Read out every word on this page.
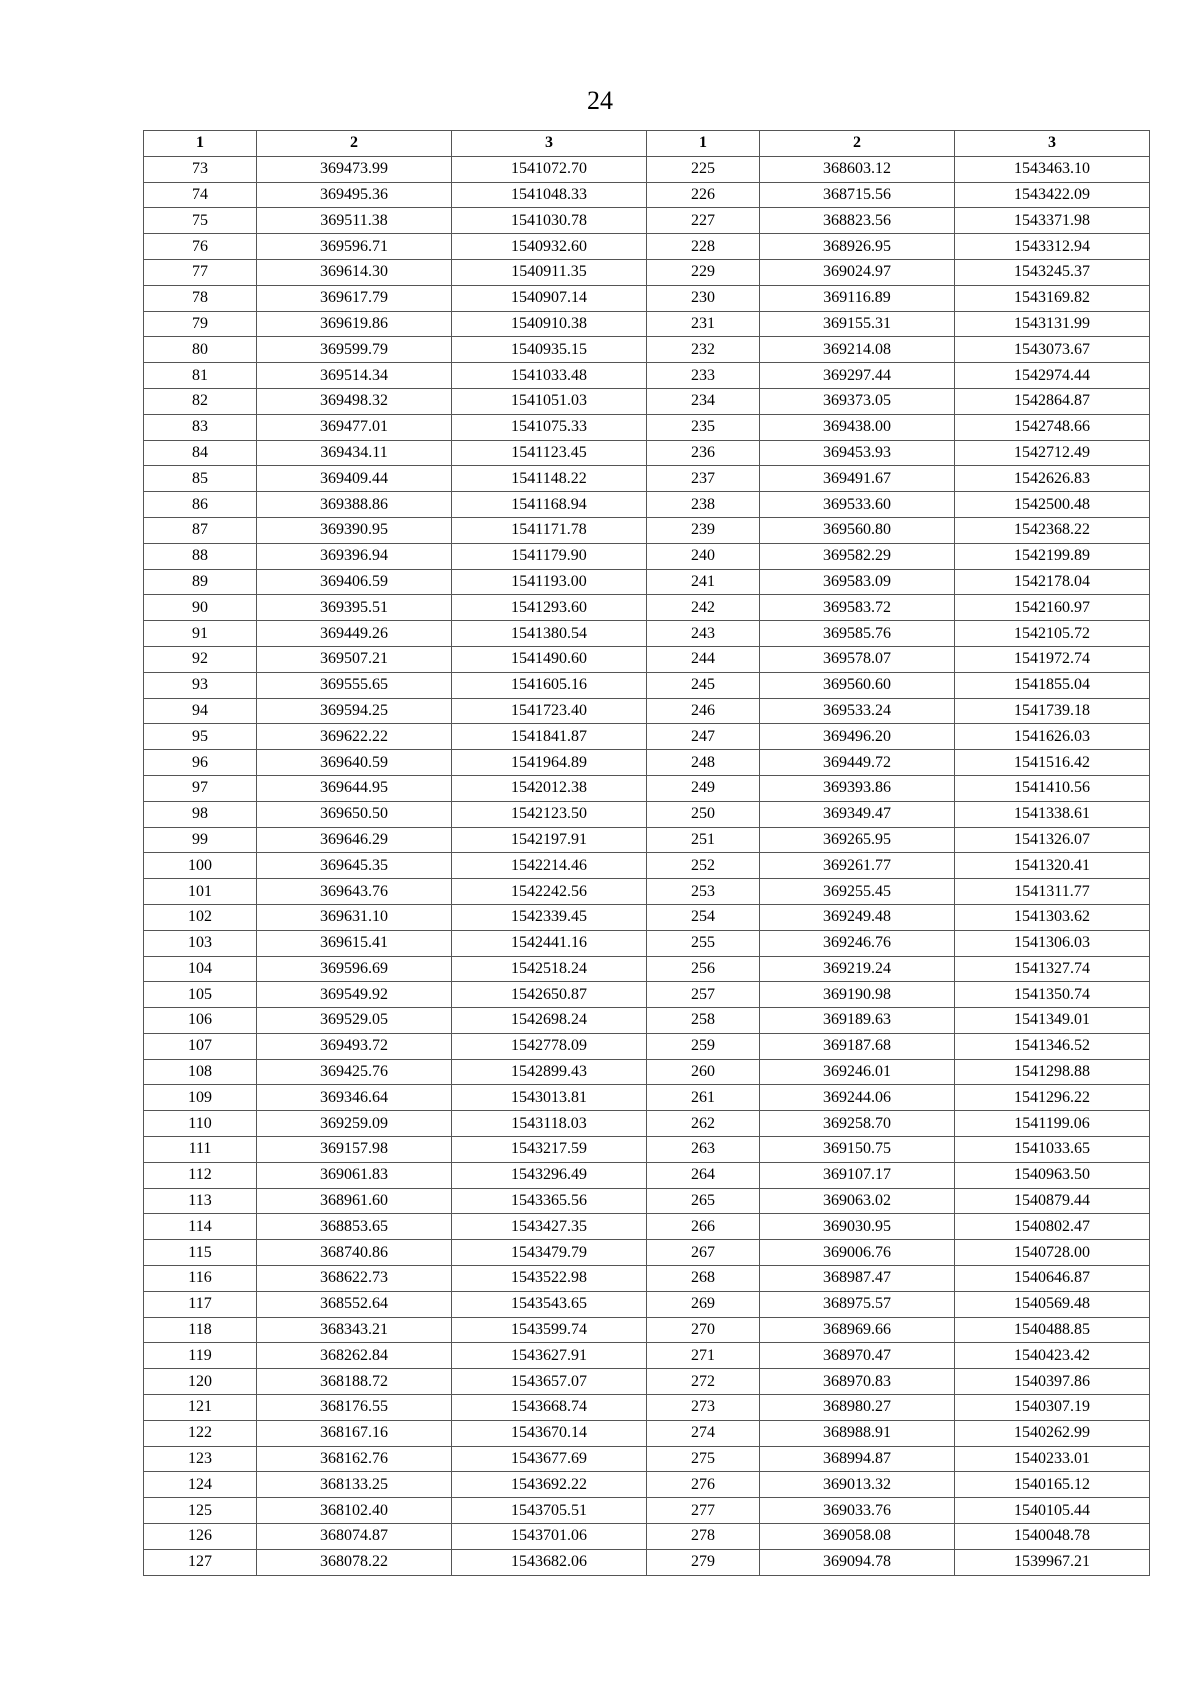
24
1	2	3	1	2	3
73	369473.99	1541072.70	225	368603.12	1543463.10
74	369495.36	1541048.33	226	368715.56	1543422.09
75	369511.38	1541030.78	227	368823.56	1543371.98
76	369596.71	1540932.60	228	368926.95	1543312.94
77	369614.30	1540911.35	229	369024.97	1543245.37
78	369617.79	1540907.14	230	369116.89	1543169.82
79	369619.86	1540910.38	231	369155.31	1543131.99
80	369599.79	1540935.15	232	369214.08	1543073.67
81	369514.34	1541033.48	233	369297.44	1542974.44
82	369498.32	1541051.03	234	369373.05	1542864.87
83	369477.01	1541075.33	235	369438.00	1542748.66
84	369434.11	1541123.45	236	369453.93	1542712.49
85	369409.44	1541148.22	237	369491.67	1542626.83
86	369388.86	1541168.94	238	369533.60	1542500.48
87	369390.95	1541171.78	239	369560.80	1542368.22
88	369396.94	1541179.90	240	369582.29	1542199.89
89	369406.59	1541193.00	241	369583.09	1542178.04
90	369395.51	1541293.60	242	369583.72	1542160.97
91	369449.26	1541380.54	243	369585.76	1542105.72
92	369507.21	1541490.60	244	369578.07	1541972.74
93	369555.65	1541605.16	245	369560.60	1541855.04
94	369594.25	1541723.40	246	369533.24	1541739.18
95	369622.22	1541841.87	247	369496.20	1541626.03
96	369640.59	1541964.89	248	369449.72	1541516.42
97	369644.95	1542012.38	249	369393.86	1541410.56
98	369650.50	1542123.50	250	369349.47	1541338.61
99	369646.29	1542197.91	251	369265.95	1541326.07
100	369645.35	1542214.46	252	369261.77	1541320.41
101	369643.76	1542242.56	253	369255.45	1541311.77
102	369631.10	1542339.45	254	369249.48	1541303.62
103	369615.41	1542441.16	255	369246.76	1541306.03
104	369596.69	1542518.24	256	369219.24	1541327.74
105	369549.92	1542650.87	257	369190.98	1541350.74
106	369529.05	1542698.24	258	369189.63	1541349.01
107	369493.72	1542778.09	259	369187.68	1541346.52
108	369425.76	1542899.43	260	369246.01	1541298.88
109	369346.64	1543013.81	261	369244.06	1541296.22
110	369259.09	1543118.03	262	369258.70	1541199.06
111	369157.98	1543217.59	263	369150.75	1541033.65
112	369061.83	1543296.49	264	369107.17	1540963.50
113	368961.60	1543365.56	265	369063.02	1540879.44
114	368853.65	1543427.35	266	369030.95	1540802.47
115	368740.86	1543479.79	267	369006.76	1540728.00
116	368622.73	1543522.98	268	368987.47	1540646.87
117	368552.64	1543543.65	269	368975.57	1540569.48
118	368343.21	1543599.74	270	368969.66	1540488.85
119	368262.84	1543627.91	271	368970.47	1540423.42
120	368188.72	1543657.07	272	368970.83	1540397.86
121	368176.55	1543668.74	273	368980.27	1540307.19
122	368167.16	1543670.14	274	368988.91	1540262.99
123	368162.76	1543677.69	275	368994.87	1540233.01
124	368133.25	1543692.22	276	369013.32	1540165.12
125	368102.40	1543705.51	277	369033.76	1540105.44
126	368074.87	1543701.06	278	369058.08	1540048.78
127	368078.22	1543682.06	279	369094.78	1539967.21
